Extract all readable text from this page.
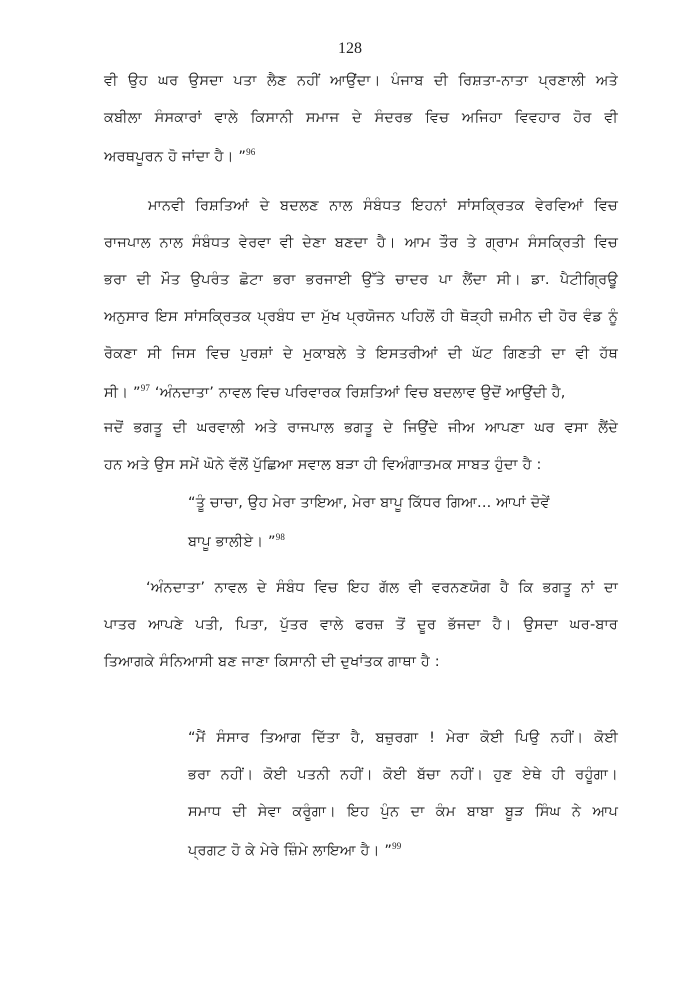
128
ਵੀ ਉਹ ਘਰ ਉਸਦਾ ਪਤਾ ਲੈਣ ਨਹੀਂ ਆਉਂਦਾ। ਪੰਜਾਬ ਦੀ ਰਿਸ਼ਤਾ-ਨਾਤਾ ਪ੍ਰਣਾਲੀ ਅਤੇ
ਕਬੀਲਾ ਸੰਸਕਾਰਾਂ ਵਾਲੇ ਕਿਸਾਨੀ ਸਮਾਜ ਦੇ ਸੰਦਰਭ ਵਿਚ ਅਜਿਹਾ ਵਿਵਹਾਰ ਹੋਰ ਵੀ
ਅਰਥਪੂਰਨ ਹੋ ਜਾਂਦਾ ਹੈ। ”$^{96}$
ਮਾਨਵੀ ਰਿਸ਼ਤਿਆਂ ਦੇ ਬਦਲਣ ਨਾਲ ਸੰਬੰਧਤ ਇਹਨਾਂ ਸਾਂਸਕ੍ਰਿਤਕ ਵੇਰਵਿਆਂ ਵਿਚ
ਰਾਜਪਾਲ ਨਾਲ ਸੰਬੰਧਤ ਵੇਰਵਾ ਵੀ ਦੇਣਾ ਬਣਦਾ ਹੈ। ਆਮ ਤੌਰ ਤੇ ਗ੍ਰਾਮ ਸੰਸਕ੍ਰਿਤੀ ਵਿਚ
ਭਰਾ ਦੀ ਮੌਤ ਉਪਰੰਤ ਛੋਟਾ ਭਰਾ ਭਰਜਾਈ ਉੱਤੇ ਚਾਦਰ ਪਾ ਲੈਂਦਾ ਸੀ। ਡਾ. ਪੈਟੀਗ੍ਰਿਊ
ਅਨੁਸਾਰ ਇਸ ਸਾਂਸਕ੍ਰਿਤਕ ਪ੍ਰਬੰਧ ਦਾ ਮੁੱਖ ਪ੍ਰਯੋਜਨ ਪਹਿਲੋਂ ਹੀ ਥੋੜ੍ਹੀ ਜ਼ਮੀਨ ਦੀ ਹੋਰ ਵੰਡ ਨੂੰ
ਰੋਕਣਾ ਸੀ ਜਿਸ ਵਿਚ ਪੁਰਸ਼ਾਂ ਦੇ ਮੁਕਾਬਲੇ ਤੇ ਇਸਤਰੀਆਂ ਦੀ ਘੱਟ ਗਿਣਤੀ ਦਾ ਵੀ ਹੱਥ
ਸੀ। ”$^{97}$ ‘ਅੰਨਦਾਤਾ’ ਨਾਵਲ ਵਿਚ ਪਰਿਵਾਰਕ ਰਿਸ਼ਤਿਆਂ ਵਿਚ ਬਦਲਾਵ ਉਦੋਂ ਆਉਂਦੀ ਹੈ,
ਜਦੋਂ ਭਗਤੂ ਦੀ ਘਰਵਾਲੀ ਅਤੇ ਰਾਜਪਾਲ ਭਗਤੂ ਦੇ ਜਿਉਂਦੇ ਜੀਅ ਆਪਣਾ ਘਰ ਵਸਾ ਲੈਂਦੇ
ਹਨ ਅਤੇ ਉਸ ਸਮੇਂ ਘੋਨੇ ਵੱਲੋਂ ਪੁੱਛਿਆ ਸਵਾਲ ਬੜਾ ਹੀ ਵਿਅੰਗਾਤਮਕ ਸਾਬਤ ਹੁੰਦਾ ਹੈ :
“ਤੂੰ ਚਾਚਾ, ਉਹ ਮੇਰਾ ਤਾਇਆ, ਮੇਰਾ ਬਾਪੂ ਕਿੱਧਰ ਗਿਆ... ਆਪਾਂ ਦੋਵੇਂ
ਬਾਪੂ ਭਾਲੀਏ। ”$^{98}$
‘ਅੰਨਦਾਤਾ’ ਨਾਵਲ ਦੇ ਸੰਬੰਧ ਵਿਚ ਇਹ ਗੱਲ ਵੀ ਵਰਨਣਯੋਗ ਹੈ ਕਿ ਭਗਤੂ ਨਾਂ ਦਾ
ਪਾਤਰ ਆਪਣੇ ਪਤੀ, ਪਿਤਾ, ਪੁੱਤਰ ਵਾਲੇ ਫਰਜ਼ ਤੋਂ ਦੂਰ ਭੱਜਦਾ ਹੈ। ਉਸਦਾ ਘਰ-ਬਾਰ
ਤਿਆਗਕੇ ਸੰਨਿਆਸੀ ਬਣ ਜਾਣਾ ਕਿਸਾਨੀ ਦੀ ਦੁਖਾਂਤਕ ਗਾਥਾ ਹੈ :
“ਮੈਂ ਸੰਸਾਰ ਤਿਆਗ ਦਿੱਤਾ ਹੈ, ਬਜ਼ੁਰਗਾ ! ਮੇਰਾ ਕੋਈ ਪਿਉ ਨਹੀਂ। ਕੋਈ
ਭਰਾ ਨਹੀਂ। ਕੋਈ ਪਤਨੀ ਨਹੀਂ। ਕੋਈ ਬੱਚਾ ਨਹੀਂ। ਹੁਣ ਏਥੇ ਹੀ ਰਹੂੰਗਾ।
ਸਮਾਧ ਦੀ ਸੇਵਾ ਕਰੂੰਗਾ। ਇਹ ਪੁੰਨ ਦਾ ਕੰਮ ਬਾਬਾ ਬੂੜ ਸਿੰਘ ਨੇ ਆਪ
ਪ੍ਰਗਟ ਹੋ ਕੇ ਮੇਰੇ ਜ਼ਿੰਮੇ ਲਾਇਆ ਹੈ। ”$^{99}$
